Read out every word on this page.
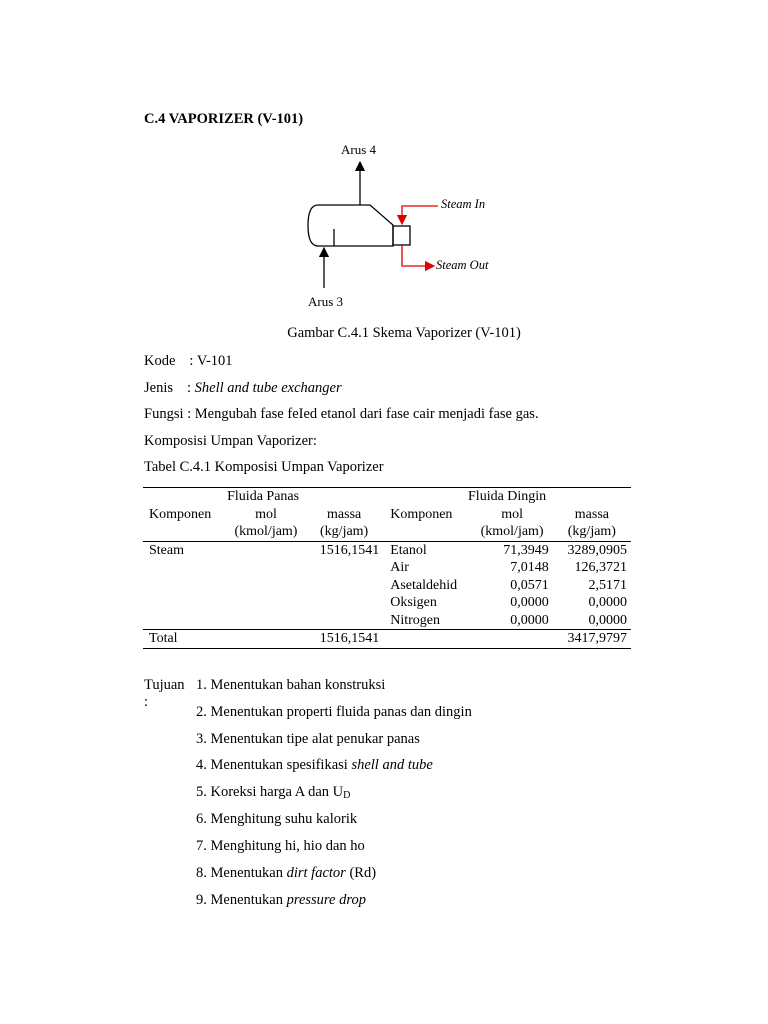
C.4 VAPORIZER (V-101)
Arus 4
Steam In
Steam Out
Arus 3
Gambar C.4.1 Skema Vaporizer (V-101)
Kode : V-101
Jenis : Shell and tube exchanger
Fungsi : Mengubah fase feIed etanol dari fase cair menjadi fase gas.
Komposisi Umpan Vaporizer:
Tabel C.4.1 Komposisi Umpan Vaporizer
Fluida Panas			Fluida Dingin		
Komponen	mol	massa	Komponen	mol	massa
	(kmol/jam)	(kg/jam)		(kmol/jam)	(kg/jam)
Steam		1516,1541	Etanol	71,3949	3289,0905
			Air	7,0148	126,3721
			Asetaldehid	0,0571	2,5171
			Oksigen	0,0000	0,0000
			Nitrogen	0,0000	0,0000
Total		1516,1541			3417,9797
Tujuan :
1. Menentukan bahan konstruksi
2. Menentukan properti fluida panas dan dingin
3. Menentukan tipe alat penukar panas
4. Menentukan spesifikasi shell and tube
5. Koreksi harga A dan $U_D$
6. Menghitung suhu kalorik
7. Menghitung hi, hio dan ho
8. Menentukan dirt factor (Rd)
9. Menentukan pressure drop
